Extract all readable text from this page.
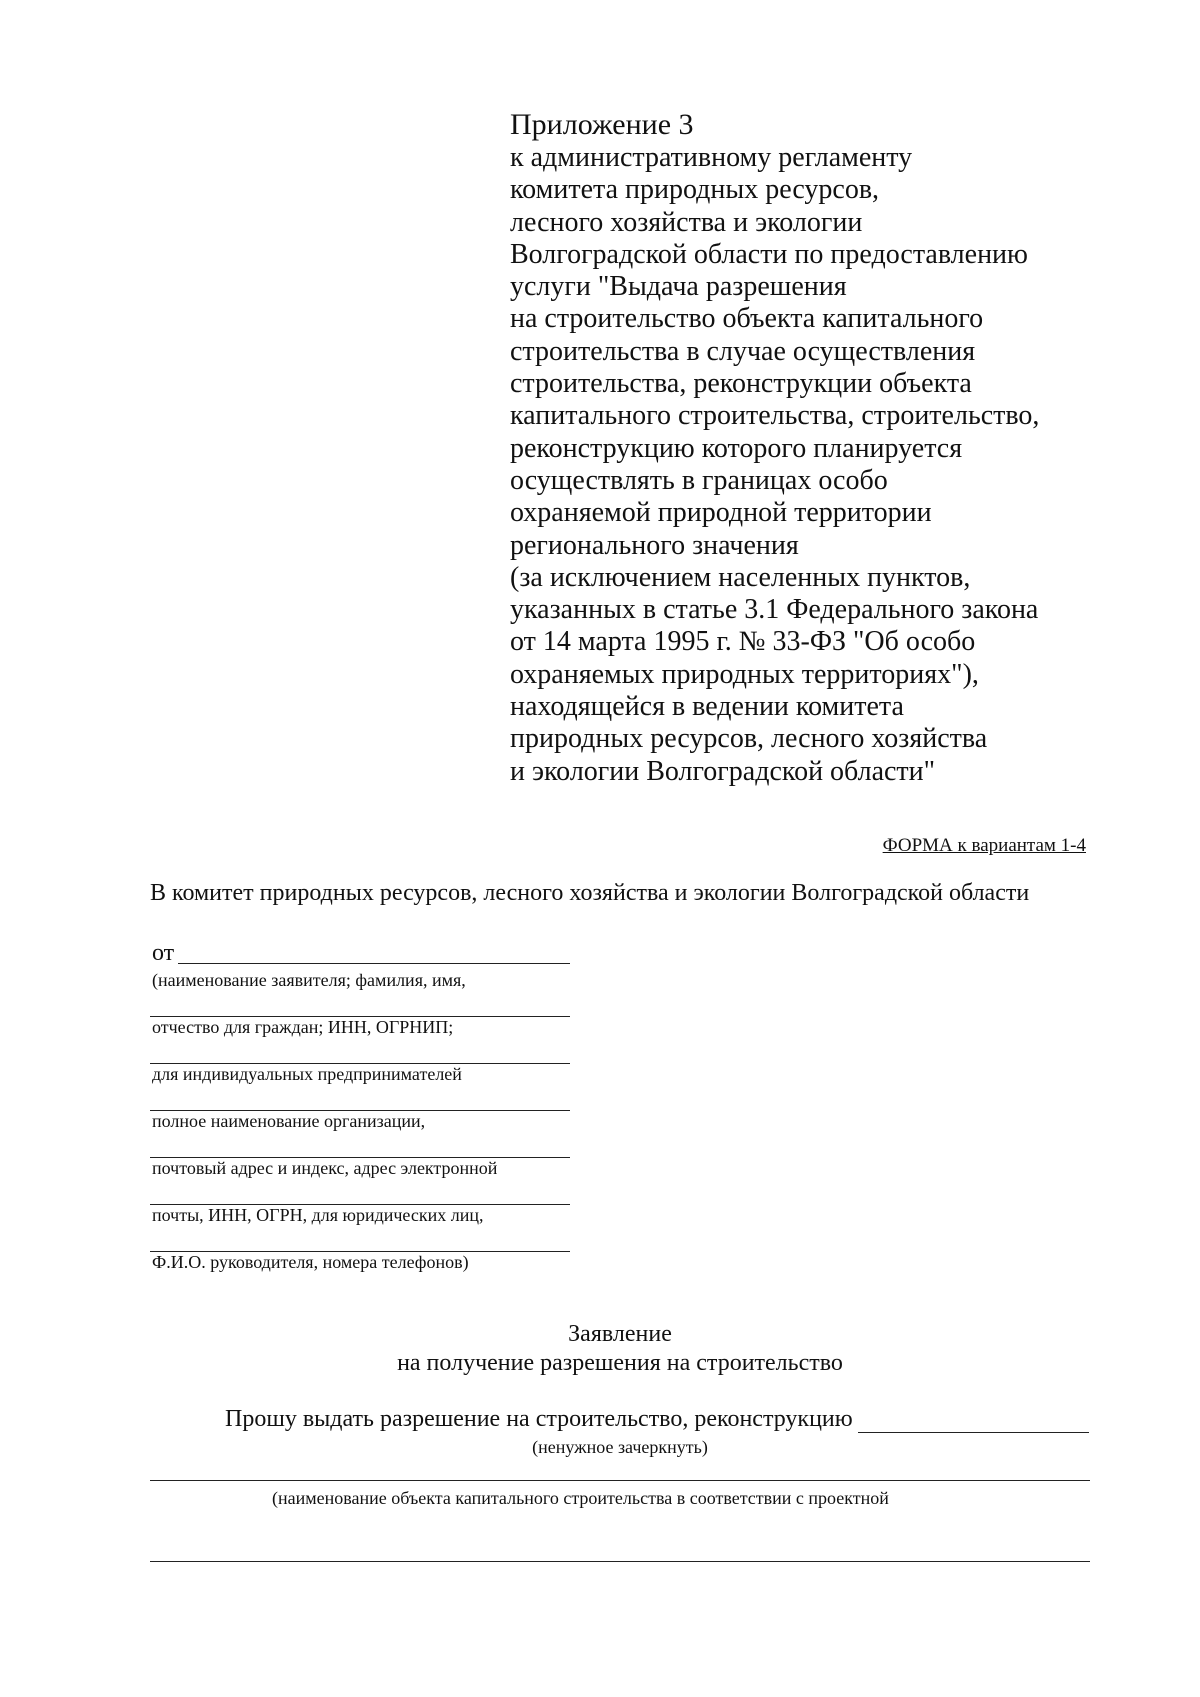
Приложение 3
к административному регламенту
комитета природных ресурсов,
лесного хозяйства и экологии
Волгоградской области по предоставлению
услуги "Выдача разрешения
на строительство объекта капитального
строительства в случае осуществления
строительства, реконструкции объекта
капитального строительства, строительство,
реконструкцию которого планируется
осуществлять в границах особо
охраняемой природной территории
регионального значения
(за исключением населенных пунктов,
указанных в статье 3.1 Федерального закона
от 14 марта 1995 г. № 33-ФЗ "Об особо
охраняемых природных территориях"),
находящейся в ведении комитета
природных ресурсов, лесного хозяйства
и экологии Волгоградской области"
ФОРМА к вариантам 1-4
В комитет природных ресурсов, лесного хозяйства и экологии Волгоградской области
от
(наименование заявителя; фамилия, имя,
отчество для граждан; ИНН, ОГРНИП;
для индивидуальных предпринимателей
полное наименование организации,
почтовый адрес и индекс, адрес электронной
почты, ИНН, ОГРН, для юридических лиц,
Ф.И.О. руководителя, номера телефонов)
Заявление
на получение разрешения на строительство
Прошу выдать разрешение на строительство, реконструкцию
(ненужное зачеркнуть)
(наименование объекта капитального строительства в соответствии с проектной
